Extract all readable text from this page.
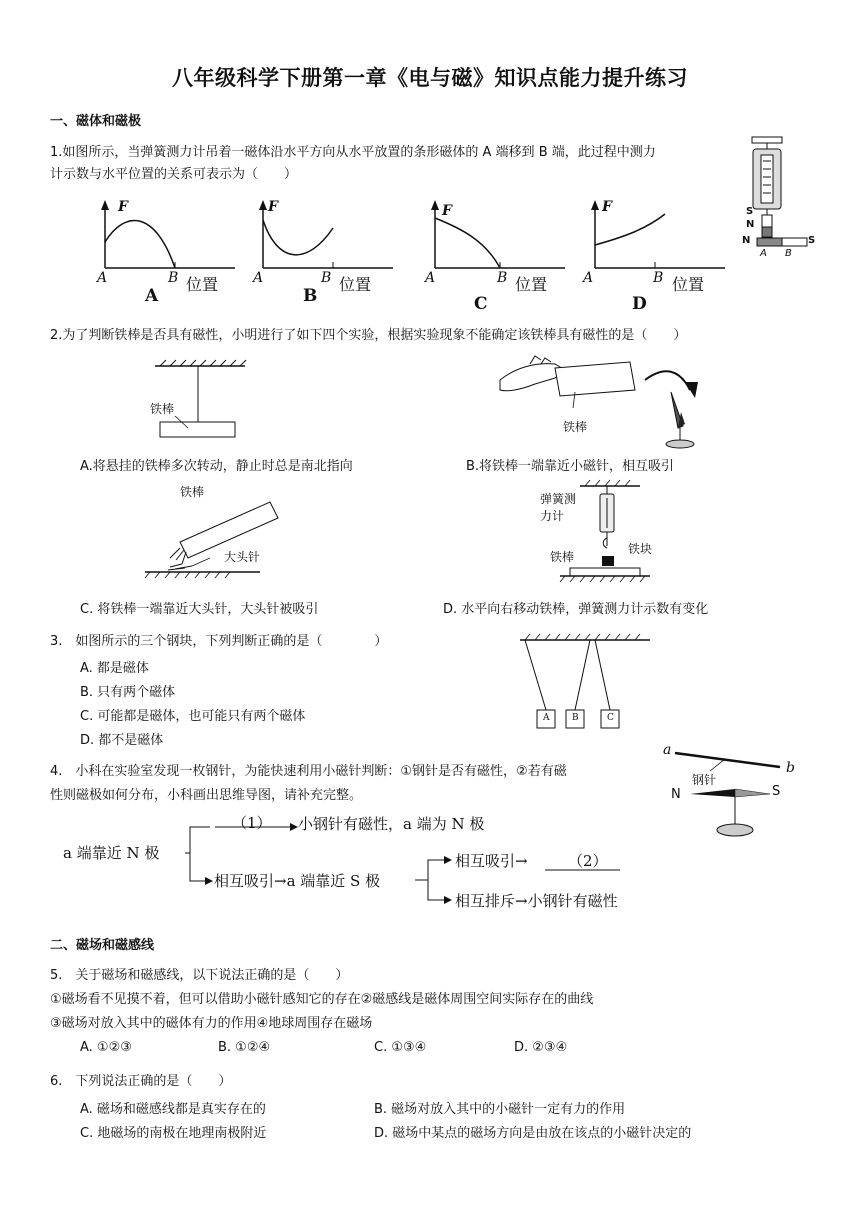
八年级科学下册第一章《电与磁》知识点能力提升练习
一、磁体和磁极
1.如图所示，当弹簧测力计吊着一磁体沿水平方向从水平放置的条形磁体的 A 端移到 B 端，此过程中测力
计示数与水平位置的关系可表示为（　　）
F
A	B 位置
A
F
A	B 位置
B
F
A	B 位置
C
F
A	B 位置
D
S
N
N	S
A B
2.为了判断铁棒是否具有磁性，小明进行了如下四个实验，根据实验现象不能确定该铁棒具有磁性的是（　　）
铁棒
铁棒
A.将悬挂的铁棒多次转动，静止时总是南北指向	B.将铁棒一端靠近小磁针，相互吸引
铁棒
大头针
弹簧测
力计
铁块
铁棒
C. 将铁棒一端靠近大头针，大头针被吸引	D. 水平向右移动铁棒，弹簧测力计示数有变化
3.　如图所示的三个钢块，下列判断正确的是（　　　　）
A. 都是磁体
B. 只有两个磁体
C. 可能都是磁体，也可能只有两个磁体
D. 都不是磁体
A	B	C
4.　小科在实验室发现一枚钢针，为能快速利用小磁针判断：①钢针是否有磁性，②若有磁
性则磁极如何分布，小科画出思维导图，请补充完整。
a
b
钢针
N	S
a 端靠近 N 极
（1） 小钢针有磁性，a 端为 N 极
相互吸引→a 端靠近 S 极
相互吸引→	（2）
相互排斥→小钢针有磁性
二、磁场和磁感线
5.　关于磁场和磁感线，以下说法正确的是（　　）
①磁场看不见摸不着，但可以借助小磁针感知它的存在②磁感线是磁体周围空间实际存在的曲线
③磁场对放入其中的磁体有力的作用④地球周围存在磁场
A. ①②③	B. ①②④	C. ①③④	D. ②③④
6.　下列说法正确的是（　　）
A. 磁场和磁感线都是真实存在的	B. 磁场对放入其中的小磁针一定有力的作用
C. 地磁场的南极在地理南极附近	D. 磁场中某点的磁场方向是由放在该点的小磁针决定的
